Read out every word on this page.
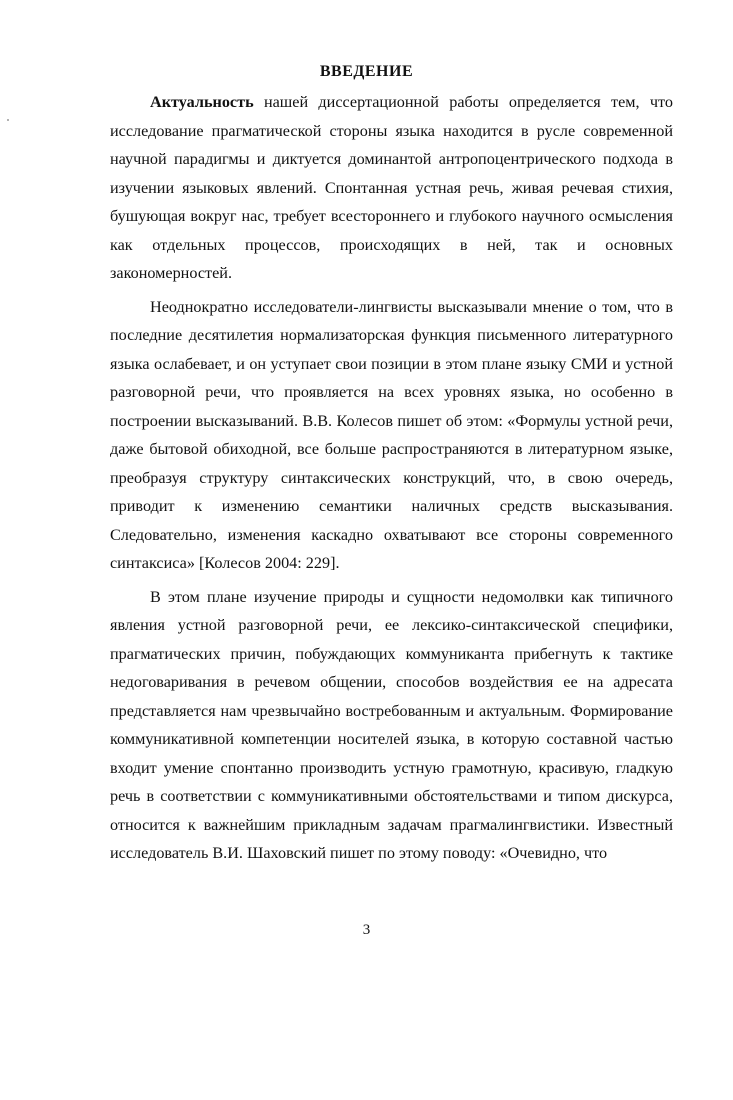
ВВЕДЕНИЕ

Актуальность нашей диссертационной работы определяется тем, что исследование прагматической стороны языка находится в русле современной научной парадигмы и диктуется доминантой антропоцентрического подхода в изучении языковых явлений. Спонтанная устная речь, живая речевая стихия, бушующая вокруг нас, требует всестороннего и глубокого научного осмысления как отдельных процессов, происходящих в ней, так и основных закономерностей.

Неоднократно исследователи-лингвисты высказывали мнение о том, что в последние десятилетия нормализаторская функция письменного литературного языка ослабевает, и он уступает свои позиции в этом плане языку СМИ и устной разговорной речи, что проявляется на всех уровнях языка, но особенно в построении высказываний. В.В. Колесов пишет об этом: «Формулы устной речи, даже бытовой обиходной, все больше распространяются в литературном языке, преобразуя структуру синтаксических конструкций, что, в свою очередь, приводит к изменению семантики наличных средств высказывания. Следовательно, изменения каскадно охватывают все стороны современного синтаксиса» [Колесов 2004: 229].

В этом плане изучение природы и сущности недомолвки как типичного явления устной разговорной речи, ее лексико-синтаксической специфики, прагматических причин, побуждающих коммуниканта прибегнуть к тактике недоговаривания в речевом общении, способов воздействия ее на адресата представляется нам чрезвычайно востребованным и актуальным. Формирование коммуникативной компетенции носителей языка, в которую составной частью входит умение спонтанно производить устную грамотную, красивую, гладкую речь в соответствии с коммуникативными обстоятельствами и типом дискурса, относится к важнейшим прикладным задачам прагмалингвистики. Известный исследователь В.И. Шаховский пишет по этому поводу: «Очевидно, что

3
